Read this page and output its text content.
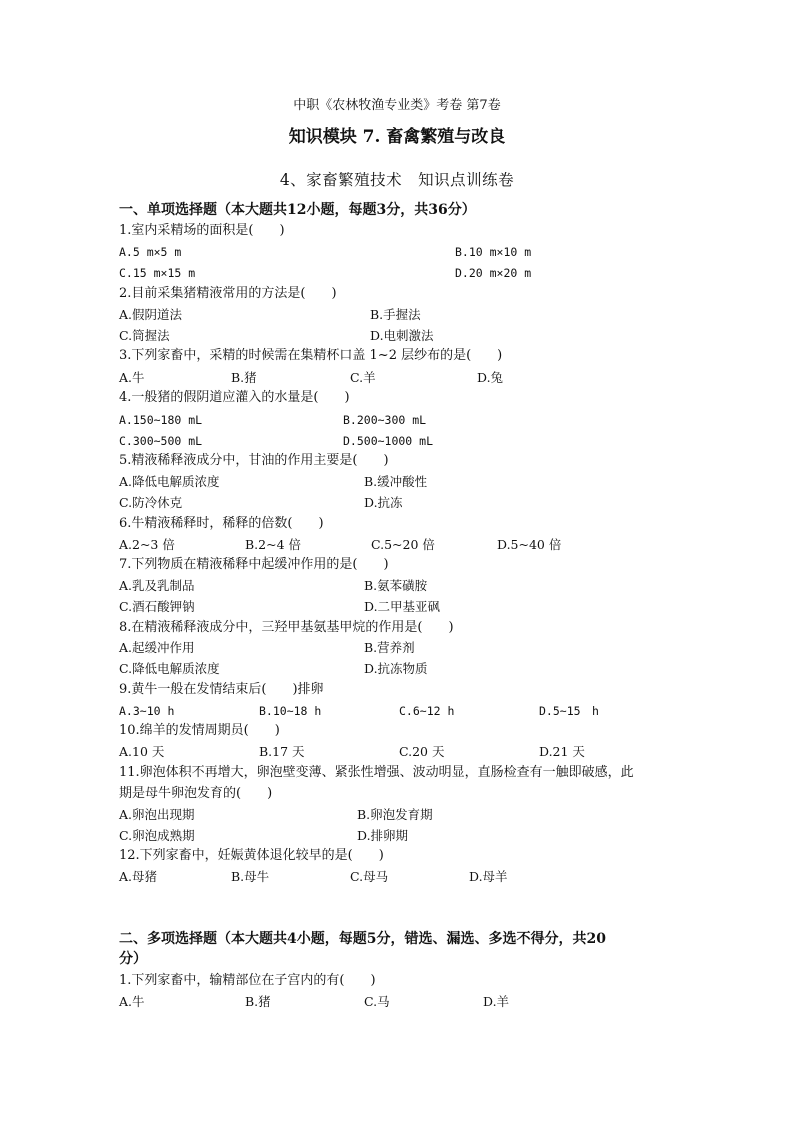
中职《农林牧渔专业类》考卷 第7卷
知识模块 7. 畜禽繁殖与改良
4、家畜繁殖技术　知识点训练卷
一、单项选择题（本大题共12小题，每题3分，共36分）
1.室内采精场的面积是(　　)
A.5 m×5 m	B.10 m×10 m
C.15 m×15 m	D.20 m×20 m
2.目前采集猪精液常用的方法是(　　)
A.假阴道法	B.手握法
C.筒握法	D.电刺激法
3.下列家畜中，采精的时候需在集精杯口盖 1~2 层纱布的是(　　)
A.牛	B.猪	C.羊	D.兔
4.一般猪的假阴道应灌入的水量是(　　)
A.150~180 mL	B.200~300 mL
C.300~500 mL	D.500~1000 mL
5.精液稀释液成分中，甘油的作用主要是(　　)
A.降低电解质浓度	B.缓冲酸性
C.防冷休克	D.抗冻
6.牛精液稀释时，稀释的倍数(　　)
A.2~3 倍	B.2~4 倍	C.5~20 倍	D.5~40 倍
7.下列物质在精液稀释中起缓冲作用的是(　　)
A.乳及乳制品	B.氨苯磺胺
C.酒石酸钾钠	D.二甲基亚砜
8.在精液稀释液成分中，三羟甲基氨基甲烷的作用是(　　)
A.起缓冲作用	B.营养剂
C.降低电解质浓度	D.抗冻物质
9.黄牛一般在发情结束后(　　)排卵
A.3~10 h	B.10~18 h	C.6~12 h	D.5~15　h
10.绵羊的发情周期员(　　)
A.10 天	B.17 天	C.20 天	D.21 天
11.卵泡体积不再增大，卵泡壁变薄、紧张性增强、波动明显，直肠检查有一触即破感，此
期是母牛卵泡发育的(　　)
A.卵泡出现期	B.卵泡发育期
C.卵泡成熟期	D.排卵期
12.下列家畜中，妊娠黄体退化较早的是(　　)
A.母猪	B.母牛	C.母马	D.母羊
二、多项选择题（本大题共4小题，每题5分，错选、漏选、多选不得分，共20
分）
1.下列家畜中，输精部位在子宫内的有(　　)
A.牛	B.猪	C.马	D.羊
